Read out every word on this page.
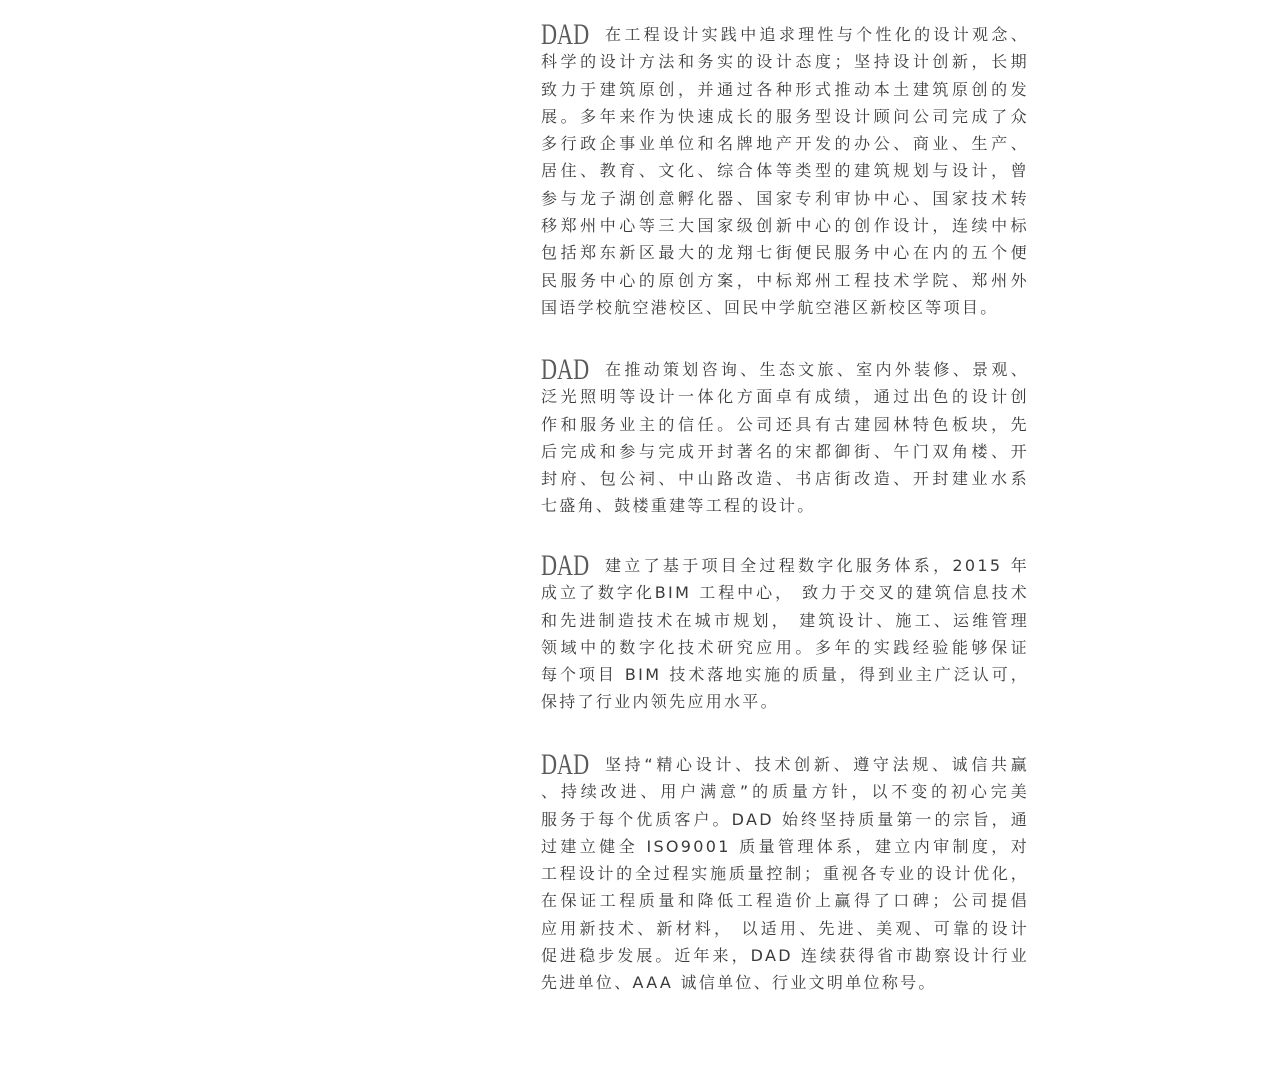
DAD 在工程设计实践中追求理性与个性化的设计观念、
科学的设计方法和务实的设计态度；坚持设计创新，长期
致力于建筑原创，并通过各种形式推动本土建筑原创的发
展。多年来作为快速成长的服务型设计顾问公司完成了众
多行政企事业单位和名牌地产开发的办公、商业、生产、
居住、教育、文化、综合体等类型的建筑规划与设计，曾
参与龙子湖创意孵化器、国家专利审协中心、国家技术转
移郑州中心等三大国家级创新中心的创作设计，连续中标
包括郑东新区最大的龙翔七街便民服务中心在内的五个便
民服务中心的原创方案，中标郑州工程技术学院、郑州外
国语学校航空港校区、回民中学航空港区新校区等项目。
DAD 在推动策划咨询、生态文旅、室内外装修、景观、
泛光照明等设计一体化方面卓有成绩，通过出色的设计创
作和服务业主的信任。公司还具有古建园林特色板块，先
后完成和参与完成开封著名的宋都御街、午门双角楼、开
封府、包公祠、中山路改造、书店街改造、开封建业水系
七盛角、鼓楼重建等工程的设计。
DAD 建立了基于项目全过程数字化服务体系，2015 年
成立了数字化BIM 工程中心， 致力于交叉的建筑信息技术
和先进制造技术在城市规划， 建筑设计、施工、运维管理
领域中的数字化技术研究应用。多年的实践经验能够保证
每个项目 BIM 技术落地实施的质量，得到业主广泛认可，
保持了行业内领先应用水平。
DAD 坚持“精心设计、技术创新、遵守法规、诚信共赢
、持续改进、用户满意”的质量方针，以不变的初心完美
服务于每个优质客户。DAD 始终坚持质量第一的宗旨，通
过建立健全 ISO9001 质量管理体系，建立内审制度，对
工程设计的全过程实施质量控制；重视各专业的设计优化，
在保证工程质量和降低工程造价上赢得了口碑；公司提倡
应用新技术、新材料， 以适用、先进、美观、可靠的设计
促进稳步发展。近年来，DAD 连续获得省市勘察设计行业
先进单位、AAA 诚信单位、行业文明单位称号。
